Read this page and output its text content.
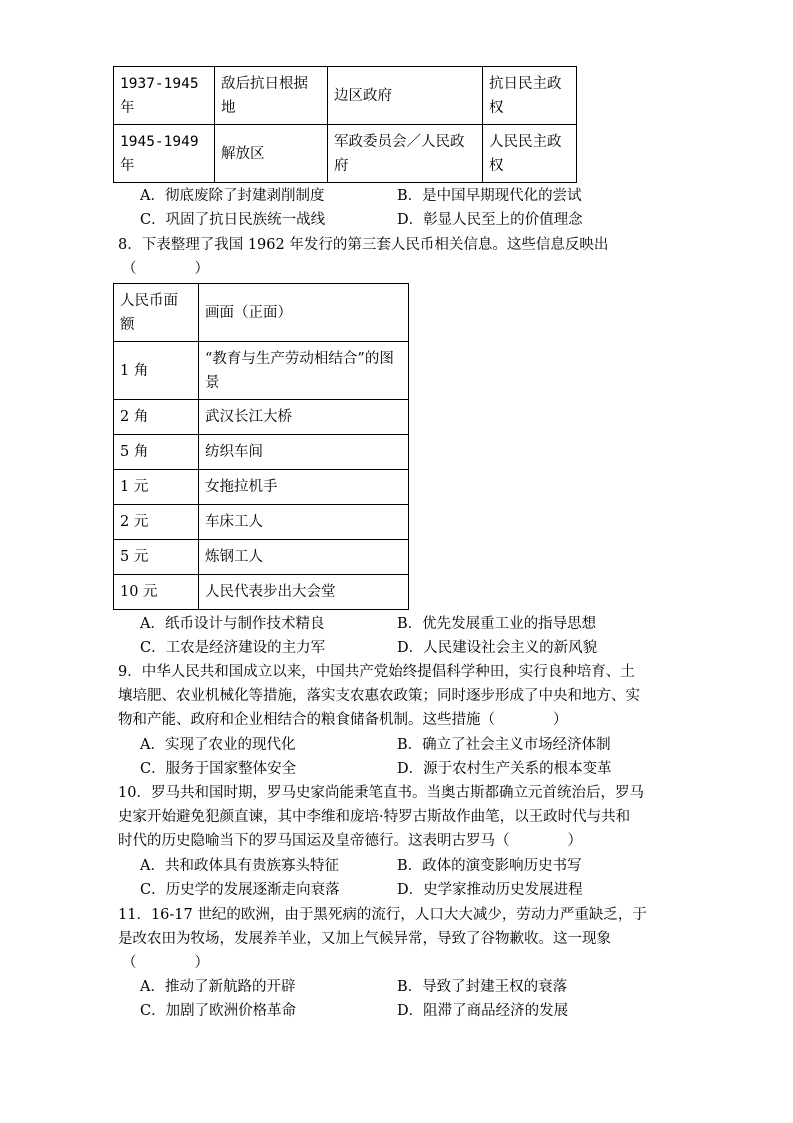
1937-1945年	敌后抗日根据地	边区政府	抗日民主政权
1945-1949年	解放区	军政委员会／人民政府	人民民主政权
A．彻底废除了封建剥削制度	B．是中国早期现代化的尝试
C．巩固了抗日民族统一战线	D．彰显人民至上的价值理念
8．下表整理了我国 1962 年发行的第三套人民币相关信息。这些信息反映出
（　　　　）
人民币面额	画面（正面）
1 角	“教育与生产劳动相结合”的图景
2 角	武汉长江大桥
5 角	纺织车间
1 元	女拖拉机手
2 元	车床工人
5 元	炼钢工人
10 元	人民代表步出大会堂
A．纸币设计与制作技术精良	B．优先发展重工业的指导思想
C．工农是经济建设的主力军	D．人民建设社会主义的新风貌
9．中华人民共和国成立以来，中国共产党始终提倡科学种田，实行良种培育、土
壤培肥、农业机械化等措施，落实支农惠农政策；同时逐步形成了中央和地方、实
物和产能、政府和企业相结合的粮食储备机制。这些措施（　　　　）
A．实现了农业的现代化	B．确立了社会主义市场经济体制
C．服务于国家整体安全	D．源于农村生产关系的根本变革
10．罗马共和国时期，罗马史家尚能秉笔直书。当奥古斯都确立元首统治后，罗马
史家开始避免犯颜直谏，其中李维和庞培·特罗古斯故作曲笔，以王政时代与共和
时代的历史隐喻当下的罗马国运及皇帝德行。这表明古罗马（　　　　）
A．共和政体具有贵族寡头特征	B．政体的演变影响历史书写
C．历史学的发展逐渐走向衰落	D．史学家推动历史发展进程
11．16-17 世纪的欧洲，由于黑死病的流行，人口大大减少，劳动力严重缺乏，于
是改农田为牧场，发展养羊业，又加上气候异常，导致了谷物歉收。这一现象
（　　　　）
A．推动了新航路的开辟	B．导致了封建王权的衰落
C．加剧了欧洲价格革命	D．阻滞了商品经济的发展
